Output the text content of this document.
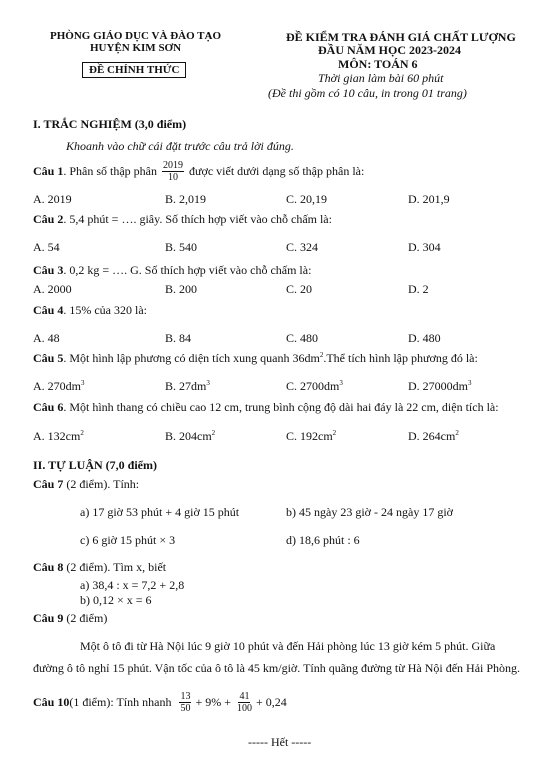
PHÒNG GIÁO DỤC VÀ ĐÀO TẠO
HUYỆN KIM SƠN
ĐỀ CHÍNH THỨC
ĐỀ KIỂM TRA ĐÁNH GIÁ CHẤT LƯỢNG
ĐẦU NĂM HỌC 2023-2024
MÔN: TOÁN 6
Thời gian làm bài 60 phút
(Đề thi gồm có 10 câu, in trong 01 trang)
I. TRẮC NGHIỆM (3,0 điểm)
Khoanh vào chữ cái đặt trước câu trả lời đúng.
Câu 1 . Phân số thập phân $\frac{2019}{10}$ được viết dưới dạng số thập phân là:
A. 2019	B. 2,019	C. 20,19	D. 201,9
Câu 2. 5,4 phút = …. giây. Số thích hợp viết vào chỗ chấm là:
A. 54	B. 540	C. 324	D. 304
Câu 3. 0,2 kg = …. G. Số thích hợp viết vào chỗ chấm là:
A. 2000	B. 200	C. 20	D. 2
Câu 4. 15% của 320 là:
A. 48	B. 84	C. 480	D. 480
Câu 5. Một hình lập phương có diện tích xung quanh $36dm^2.Thể$ tích hình lập phương đó là:
A. $270dm^3$	B. $27dm^3$	C. $2700dm^3$	D. $27000dm^3$
Câu 6. Một hình thang có chiều cao 12 cm, trung bình cộng độ dài hai đáy là 22 cm, diện tích là:
A. $132cm^2$	B. $204cm^2$	C. $192cm^2$	D. $264cm^2$
II. TỰ LUẬN (7,0 điểm)
Câu 7 (2 điểm). Tính:
a) 17 giờ 53 phút + 4 giờ 15 phút	b) 45 ngày 23 giờ - 24 ngày 17 giờ
c) 6 giờ 15 phút × 3	d) 18,6 phút : 6
Câu 8 (2 điểm). Tìm x, biết
a) 38,4 : x = 7,2 + 2,8
b) 0,12 × x = 6
Câu 9 (2 điểm)
Một ô tô đi từ Hà Nội lúc 9 giờ 10 phút và đến Hải phòng lúc 13 giờ kém 5 phút. Giữa
đường ô tô nghỉ 15 phút. Vận tốc của ô tô là 45 km/giờ. Tính quãng đường từ Hà Nội đến Hải Phòng.
Câu 10 (1 điểm): Tính nhanh $\frac{13}{50} + 9\% + \frac{41}{100} + 0,24$
----- Hết -----
